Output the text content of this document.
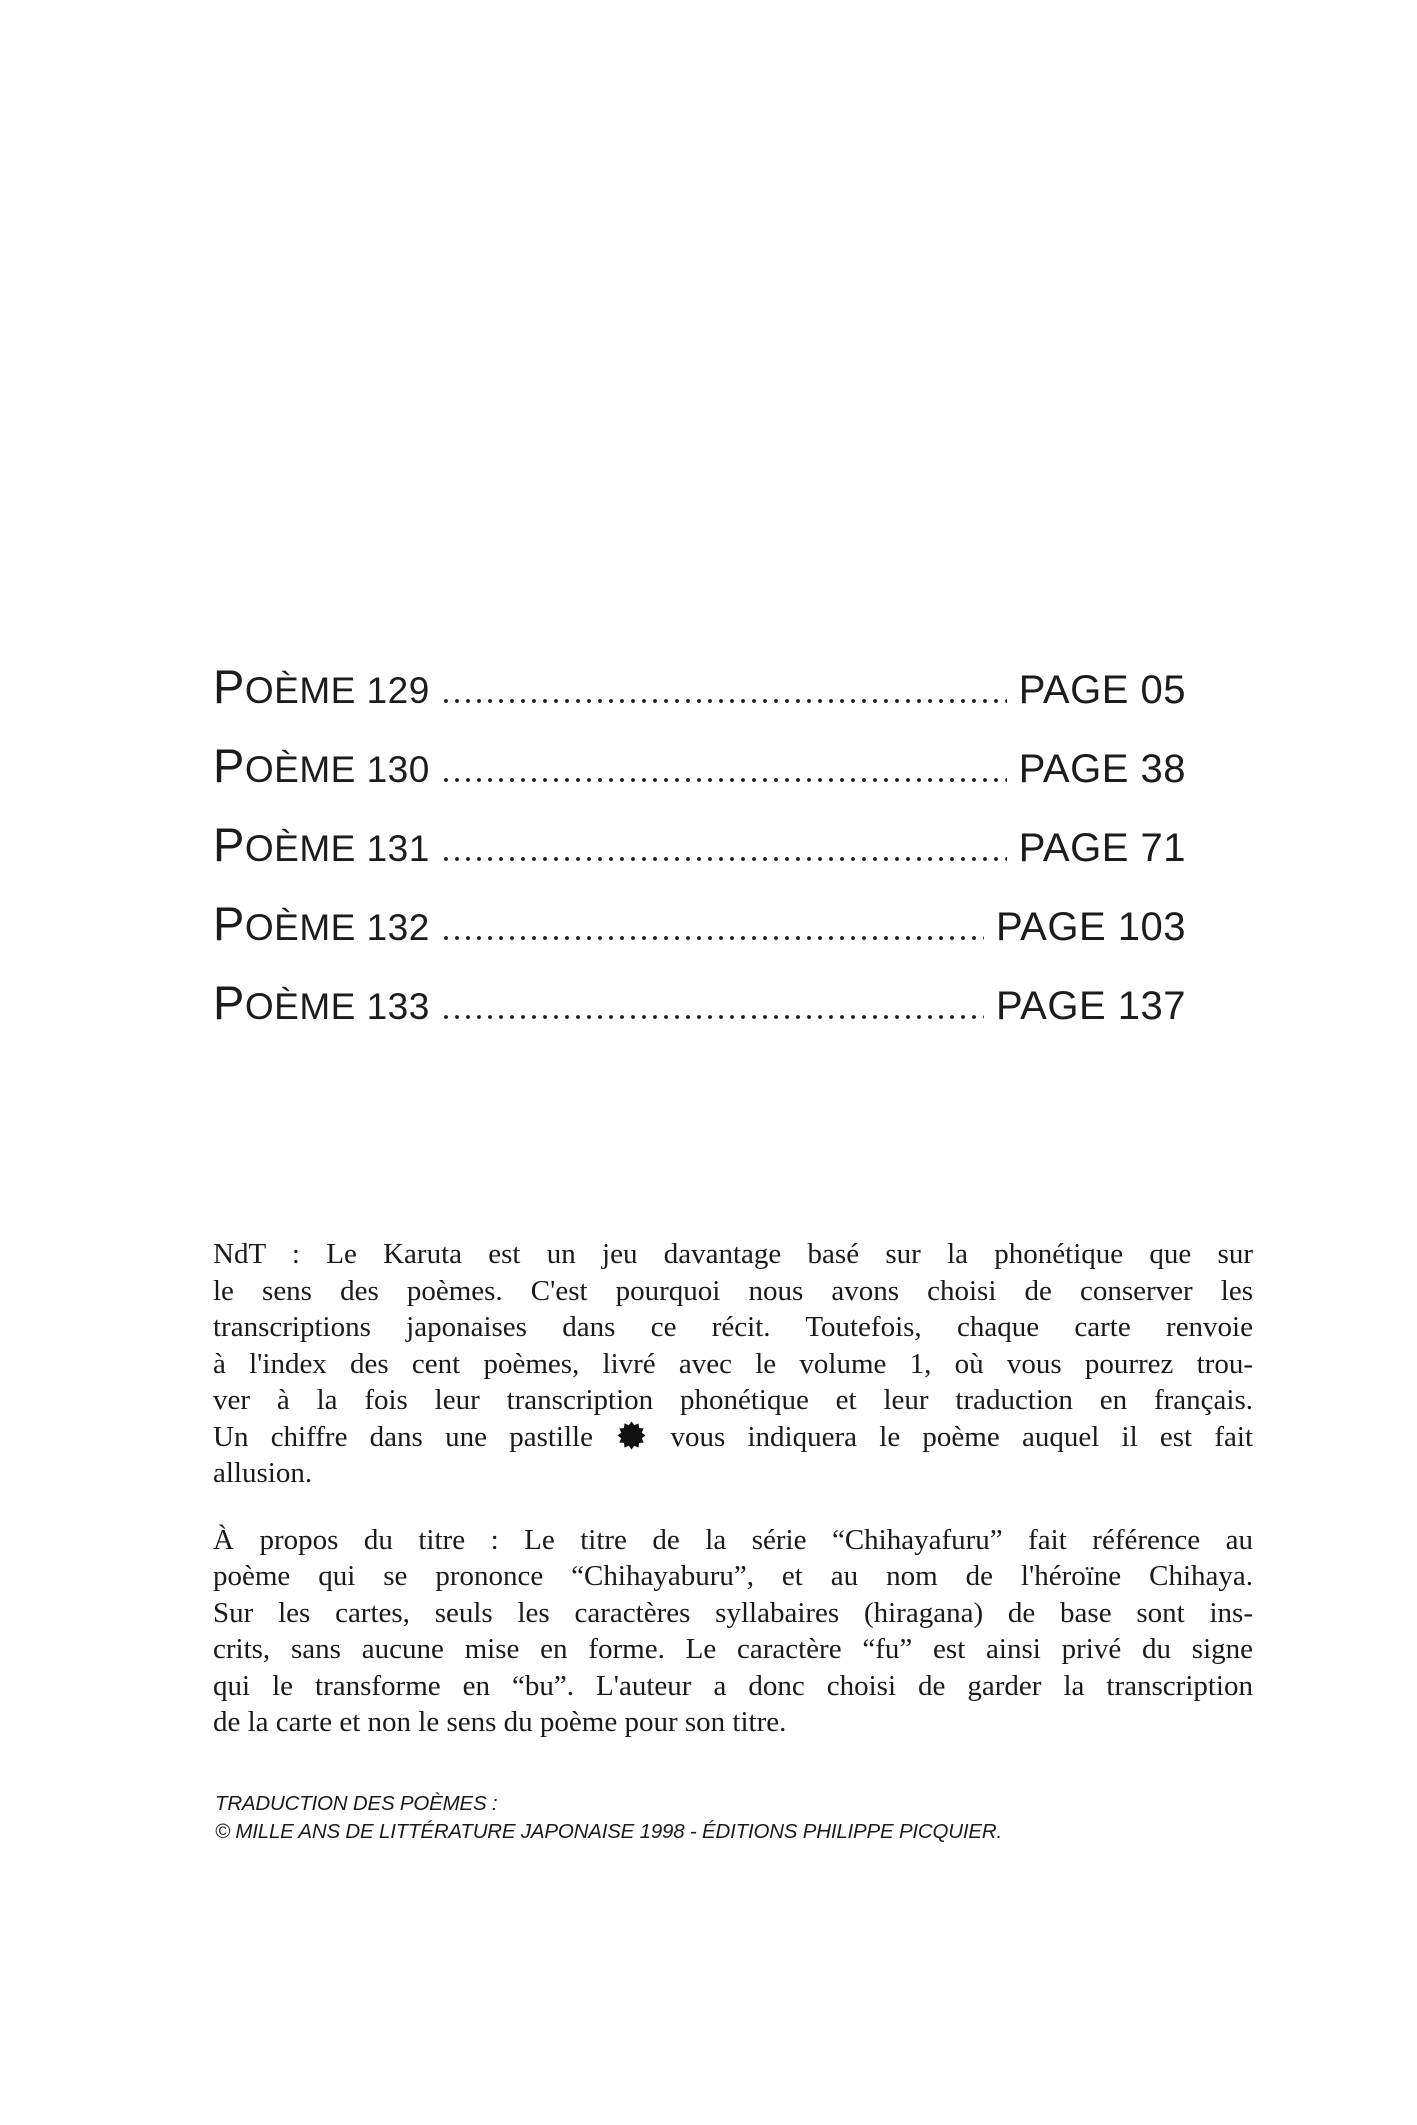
POÈME 129	PAGE 05
POÈME 130	PAGE 38
POÈME 131	PAGE 71
POÈME 132	PAGE 103
POÈME 133	PAGE 137
NdT : Le Karuta est un jeu davantage basé sur la phonétique que sur
le sens des poèmes. C'est pourquoi nous avons choisi de conserver les
transcriptions japonaises dans ce récit. Toutefois, chaque carte renvoie
à l'index des cent poèmes, livré avec le volume 1, où vous pourrez trou-
ver à la fois leur transcription phonétique et leur traduction en français.
Un chiffre dans une pastille	vous indiquera le poème auquel il est fait
allusion.
À propos du titre : Le titre de la série “Chihayafuru” fait référence au
poème qui se prononce “Chihayaburu”, et au nom de l'héroïne Chihaya.
Sur les cartes, seuls les caractères syllabaires (hiragana) de base sont ins-
crits, sans aucune mise en forme. Le caractère “fu” est ainsi privé du signe
qui le transforme en “bu”. L'auteur a donc choisi de garder la transcription
de la carte et non le sens du poème pour son titre.
TRADUCTION DES POÈMES :
© MILLE ANS DE LITTÉRATURE JAPONAISE 1998 - ÉDITIONS PHILIPPE PICQUIER.
